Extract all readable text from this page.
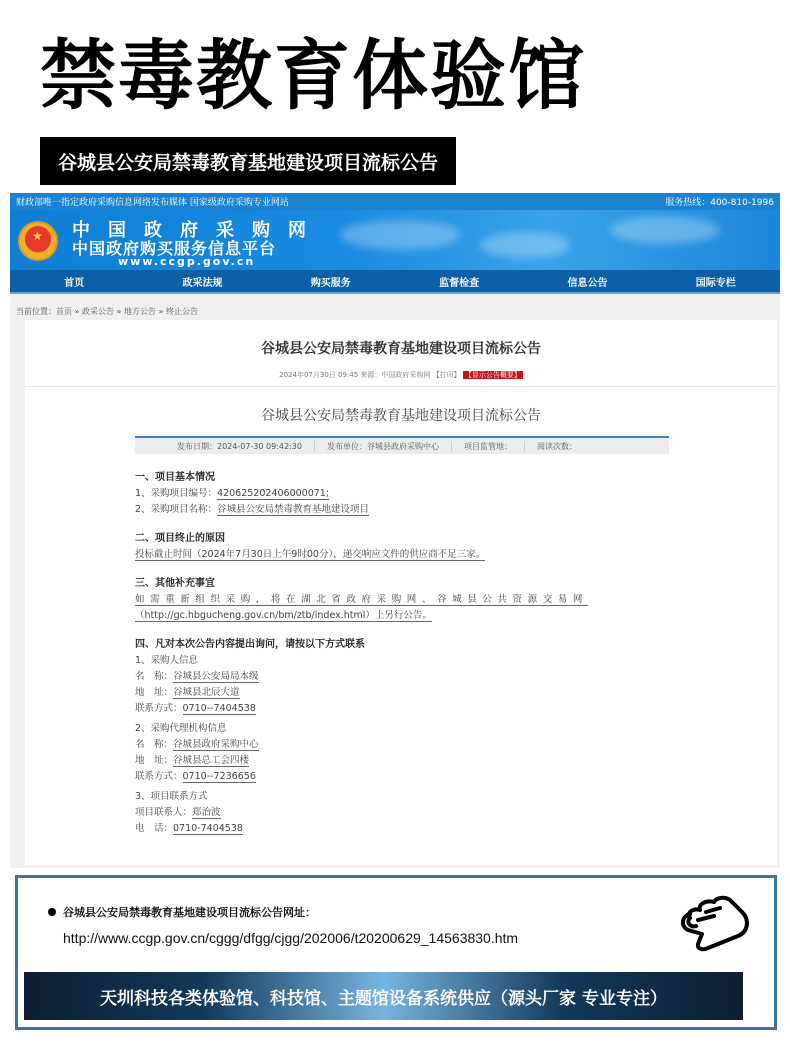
禁毒教育体验馆
谷城县公安局禁毒教育基地建设项目流标公告
财政部唯一指定政府采购信息网络发布媒体 国家级政府采购专业网站	服务热线：400-810-1996
★
中国政府采购网
中国政府购买服务信息平台
www.ccgp.gov.cn
首页	政采法规	购买服务	监督检查	信息公告	国际专栏
当前位置：首页 » 政采公告 » 地方公告 » 终止公告
谷城县公安局禁毒教育基地建设项目流标公告
2024年07月30日 09:45 来源：中国政府采购网 【打印】 【显示公告概要】
谷城县公安局禁毒教育基地建设项目流标公告
发布日期：2024-07-30 09:42:30	发布单位：谷城县政府采购中心	项目监管地：	阅读次数：
一、项目基本情况
1、采购项目编号：420625202406000071;
2、采购项目名称：谷城县公安局禁毒教育基地建设项目
二、项目终止的原因
投标截止时间（2024年7月30日上午9时00分），递交响应文件的供应商不足三家。
三、其他补充事宜
如需重新组织采购，将在湖北省政府采购网、谷城县公共资源交易网
（http://gc.hbgucheng.gov.cn/bm/ztb/index.html）上另行公告。
四、凡对本次公告内容提出询问，请按以下方式联系
1、采购人信息
名　称：谷城县公安局局本级
地　址：谷城县北辰大道
联系方式：0710--7404538
2、采购代理机构信息
名　称：谷城县政府采购中心
地　址：谷城县总工会四楼
联系方式：0710--7236656
3、项目联系方式
项目联系人：郑治波
电　话：0710-7404538
谷城县公安局禁毒教育基地建设项目流标公告网址：
http://www.ccgp.gov.cn/cggg/dfgg/cjgg/202006/t20200629_14563830.htm
天圳科技各类体验馆、科技馆、主题馆设备系统供应（源头厂家 专业专注）
